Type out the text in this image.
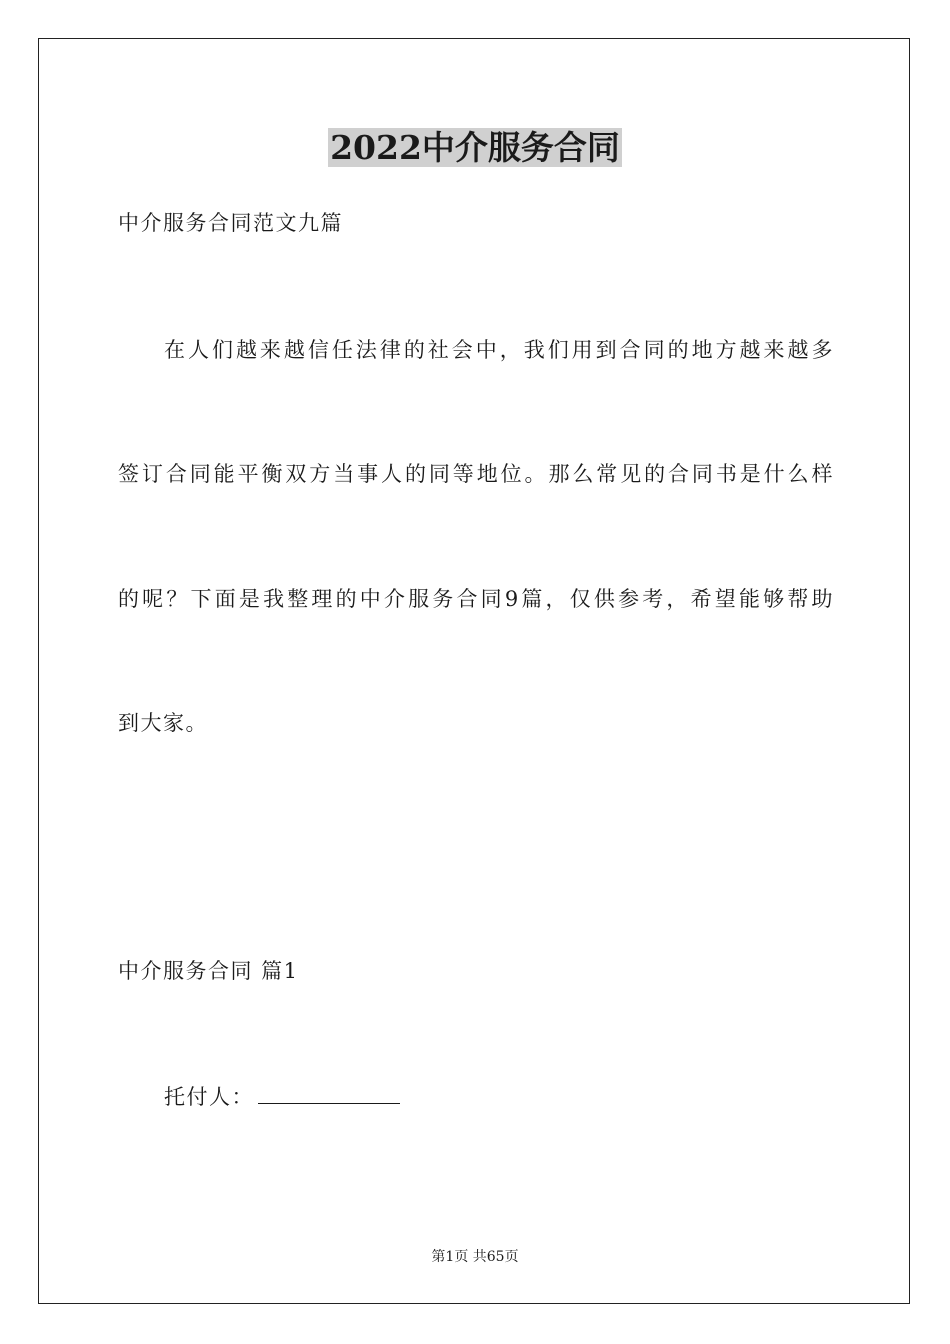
2022中介服务合同
中介服务合同范文九篇
在人们越来越信任法律的社会中，我们用到合同的地方越来越多
签订合同能平衡双方当事人的同等地位。那么常见的合同书是什么样
的呢？下面是我整理的中介服务合同9篇，仅供参考，希望能够帮助
到大家。
中介服务合同 篇1
托付人：
第1页 共65页
